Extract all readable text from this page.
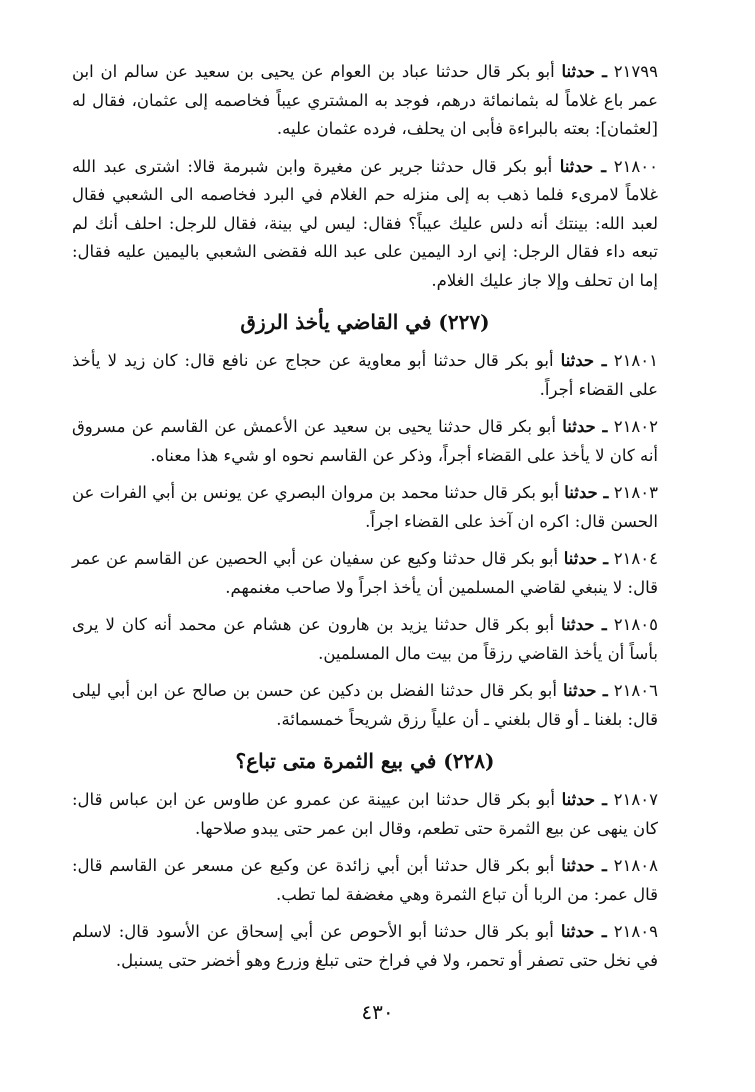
٢١٧٩٩ ـ حدثنا أبو بكر قال حدثنا عباد بن العوام عن يحيى بن سعيد عن سالم ان ابن عمر باع غلاماً له بثمانمائة درهم، فوجد به المشتري عيباً فخاصمه إلى عثمان، فقال له [لعثمان]: بعته بالبراءة فأبى ان يحلف، فرده عثمان عليه.

٢١٨٠٠ ـ حدثنا أبو بكر قال حدثنا جرير عن مغيرة وابن شبرمة قالا: اشترى عبد الله غلاماً لامرىء فلما ذهب به إلى منزله حم الغلام في البرد فخاصمه الى الشعبي فقال لعبد الله: بينتك أنه دلس عليك عيباً؟ فقال: ليس لي بينة، فقال للرجل: احلف أنك لم تبعه داء فقال الرجل: إني ارد اليمين على عبد الله فقضى الشعبي باليمين عليه فقال: إما ان تحلف وإلا جاز عليك الغلام.

(٢٢٧) في القاضي يأخذ الرزق

٢١٨٠١ ـ حدثنا أبو بكر قال حدثنا أبو معاوية عن حجاج عن نافع قال: كان زيد لا يأخذ على القضاء أجراً.

٢١٨٠٢ ـ حدثنا أبو بكر قال حدثنا يحيى بن سعيد عن الأعمش عن القاسم عن مسروق أنه كان لا يأخذ على القضاء أجراً، وذكر عن القاسم نحوه او شيء هذا معناه.

٢١٨٠٣ ـ حدثنا أبو بكر قال حدثنا محمد بن مروان البصري عن يونس بن أبي الفرات عن الحسن قال: اكره ان آخذ على القضاء اجراً.

٢١٨٠٤ ـ حدثنا أبو بكر قال حدثنا وكيع عن سفيان عن أبي الحصين عن القاسم عن عمر قال: لا ينبغي لقاضي المسلمين أن يأخذ اجراً ولا صاحب مغنمهم.

٢١٨٠٥ ـ حدثنا أبو بكر قال حدثنا يزيد بن هارون عن هشام عن محمد أنه كان لا يرى بأساً أن يأخذ القاضي رزقاً من بيت مال المسلمين.

٢١٨٠٦ ـ حدثنا أبو بكر قال حدثنا الفضل بن دكين عن حسن بن صالح عن ابن أبي ليلى قال: بلغنا ـ أو قال بلغني ـ أن علياً رزق شريحاً خمسمائة.

(٢٢٨) في بيع الثمرة متى تباع؟

٢١٨٠٧ ـ حدثنا أبو بكر قال حدثنا ابن عيينة عن عمرو عن طاوس عن ابن عباس قال: كان ينهى عن بيع الثمرة حتى تطعم، وقال ابن عمر حتى يبدو صلاحها.

٢١٨٠٨ ـ حدثنا أبو بكر قال حدثنا أبن أبي زائدة عن وكيع عن مسعر عن القاسم قال: قال عمر: من الربا أن تباع الثمرة وهي مغضفة لما تطب.

٢١٨٠٩ ـ حدثنا أبو بكر قال حدثنا أبو الأحوص عن أبي إسحاق عن الأسود قال: لاسلم في نخل حتى تصفر أو تحمر، ولا في فراخ حتى تبلغ وزرع وهو أخضر حتى يسنبل.

٤٣٠
